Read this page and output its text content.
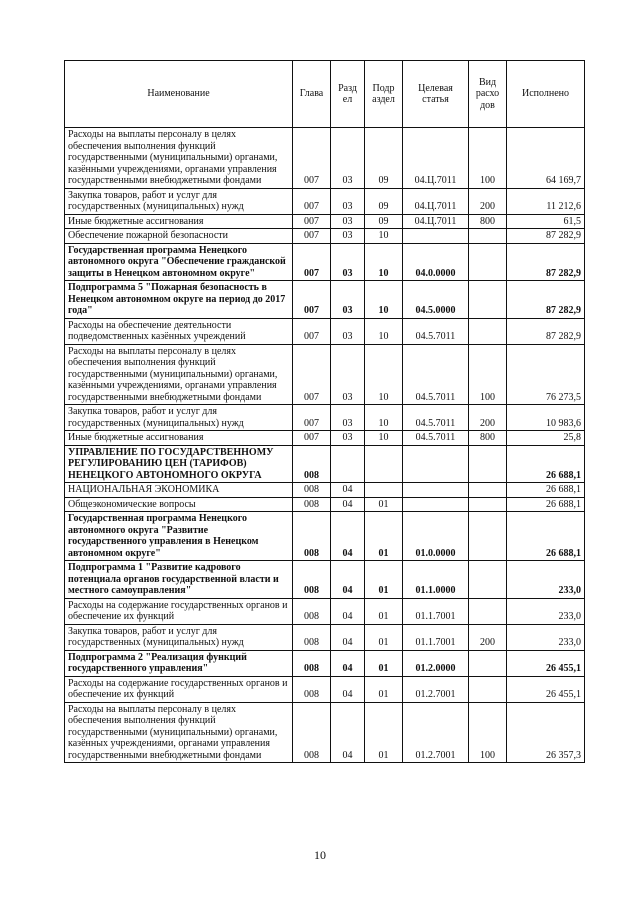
Наименование	Глава	Разд ел	Подр аздел	Целевая статья	Вид расхо дов	Исполнено
Расходы на выплаты персоналу в целях обеспечения выполнения функций государственными (муниципальными) органами, казёнными учреждениями, органами управления государственными внебюджетными фондами	007	03	09	04.Ц.7011	100	64 169,7
Закупка товаров, работ и услуг для государственных (муниципальных) нужд	007	03	09	04.Ц.7011	200	11 212,6
Иные бюджетные ассигнования	007	03	09	04.Ц.7011	800	61,5
Обеспечение пожарной безопасности	007	03	10			87 282,9
Государственная программа Ненецкого автономного округа "Обеспечение гражданской защиты в Ненецком автономном округе"	007	03	10	04.0.0000		87 282,9
Подпрограмма 5 "Пожарная безопасность в Ненецком автономном округе на период до 2017 года"	007	03	10	04.5.0000		87 282,9
Расходы на обеспечение деятельности подведомственных казённых учреждений	007	03	10	04.5.7011		87 282,9
Расходы на выплаты персоналу в целях обеспечения выполнения функций государственными (муниципальными) органами, казёнными учреждениями, органами управления государственными внебюджетными фондами	007	03	10	04.5.7011	100	76 273,5
Закупка товаров, работ и услуг для государственных (муниципальных) нужд	007	03	10	04.5.7011	200	10 983,6
Иные бюджетные ассигнования	007	03	10	04.5.7011	800	25,8
УПРАВЛЕНИЕ ПО ГОСУДАРСТВЕННОМУ РЕГУЛИРОВАНИЮ ЦЕН (ТАРИФОВ) НЕНЕЦКОГО АВТОНОМНОГО ОКРУГА	008					26 688,1
НАЦИОНАЛЬНАЯ ЭКОНОМИКА	008	04				26 688,1
Общеэкономические вопросы	008	04	01			26 688,1
Государственная программа Ненецкого автономного округа "Развитие государственного управления в Ненецком автономном округе"	008	04	01	01.0.0000		26 688,1
Подпрограмма 1 "Развитие кадрового потенциала органов государственной власти и местного самоуправления"	008	04	01	01.1.0000		233,0
Расходы на содержание государственных органов и обеспечение их функций	008	04	01	01.1.7001		233,0
Закупка товаров, работ и услуг для государственных (муниципальных) нужд	008	04	01	01.1.7001	200	233,0
Подпрограмма 2 "Реализация функций государственного управления"	008	04	01	01.2.0000		26 455,1
Расходы на содержание государственных органов и обеспечение их функций	008	04	01	01.2.7001		26 455,1
Расходы на выплаты персоналу в целях обеспечения выполнения функций государственными (муниципальными) органами, казённых учреждениями, органами управления государственными внебюджетными фондами	008	04	01	01.2.7001	100	26 357,3
10
